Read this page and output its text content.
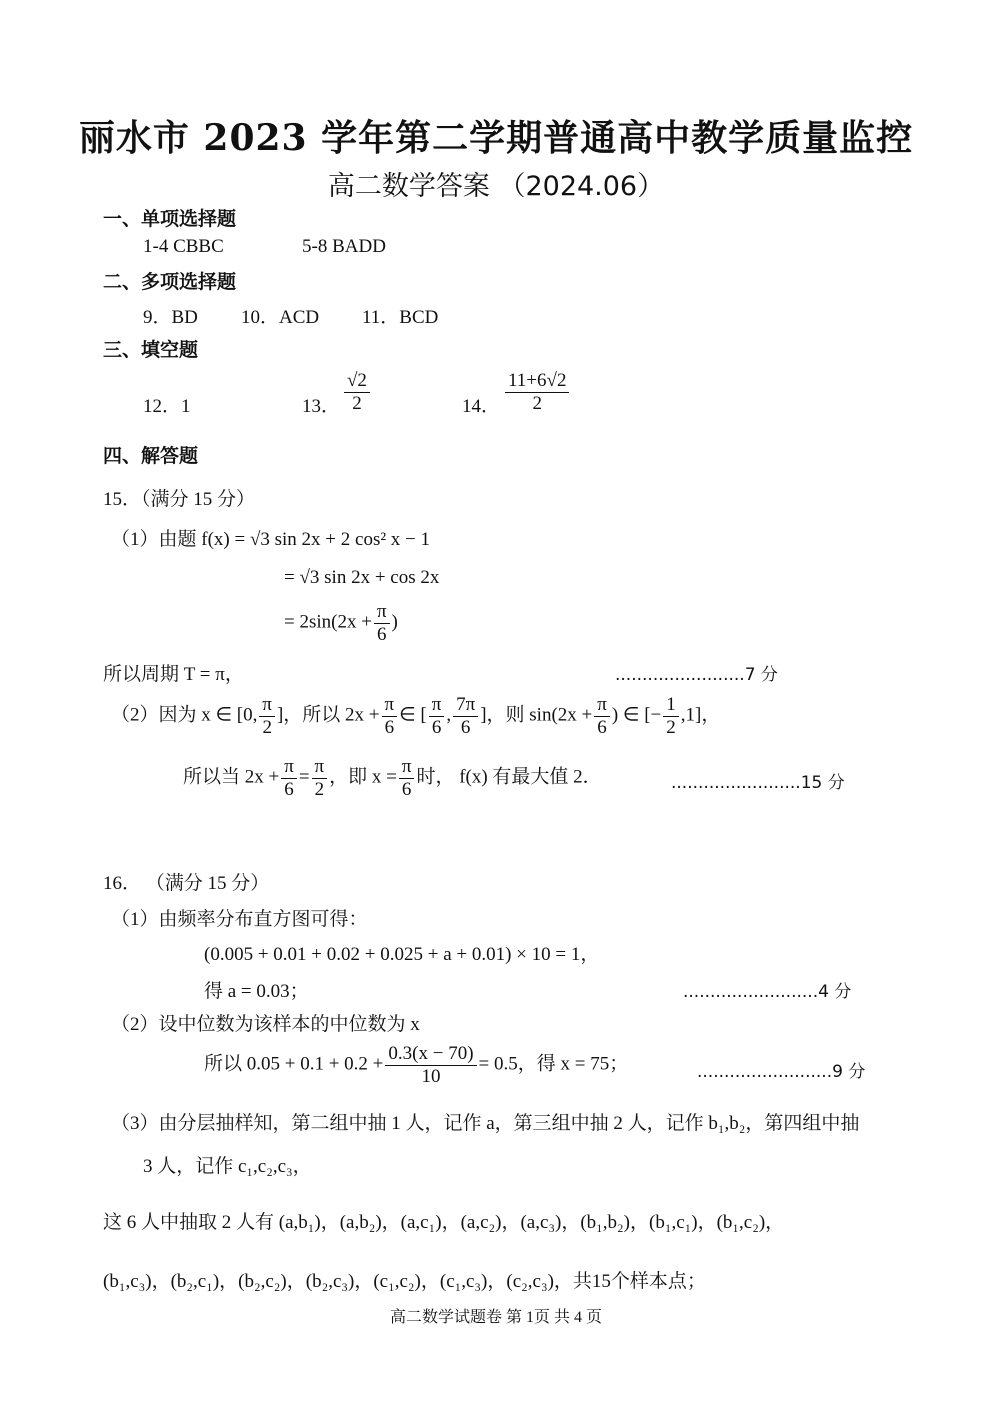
丽水市 2023 学年第二学期普通高中教学质量监控
高二数学答案 （2024.06）
一、单项选择题
1-4 CBBC	5-8 BADD
二、多项选择题
9．BD 10．ACD 11．BCD
三、填空题
12．1	13． $\frac{√2}{2}$	14． $\frac{11+6√2}{2}$
四、解答题
15．（满分 15 分）
（1）由题 f(x) = √3 sin 2x + 2 cos² x − 1
= √3 sin 2x + cos 2x
= $2\sin(2x + \frac{\pi}{6}$ )
所以周期 T = π，	........................7 分
（2）因为 x ∈ [0, $\frac{\pi}{2}$ ]，所以 $2x + \frac{\pi}{6}$ ∈ [ $\frac{\pi}{6}$ , $\frac{7\pi}{6}$ ]，则 $\sin(2x + \frac{\pi}{6}$ ) ∈ [− $\frac{1}{2} ,1$]，
所以当 $2x + \frac{\pi}{6} = \frac{\pi}{2}$ ，即 $x = \frac{\pi}{6}$ 时， f(x) 有最大值 2．	........................15 分
16． （满分 15 分）
（1）由频率分布直方图可得：
(0.005 + 0.01 + 0.02 + 0.025 + a + 0.01) × 10 = 1，
得 a = 0.03；	.........................4 分
（2）设中位数为该样本的中位数为 x
所以 $0.05 + 0.1 + 0.2 + \frac{0.3(x - 70)}{10} = 0.5$，得 x = 75；	.........................9 分
（3）由分层抽样知，第二组中抽 1 人，记作 a，第三组中抽 2 人，记作 b₁,b₂，第四组中抽
3 人，记作 c₁,c₂,c₃，
这 6 人中抽取 2 人有 (a,b₁)，(a,b₂)，(a,c₁)，(a,c₂)，(a,c₃)，(b₁,b₂)，(b₁,c₁)，(b₁,c₂)，
(b₁,c₃)，(b₂,c₁)，(b₂,c₂)，(b₂,c₃)，(c₁,c₂)，(c₁,c₃)，(c₂,c₃)，共15个样本点；
高二数学试题卷 第 1页 共 4 页
